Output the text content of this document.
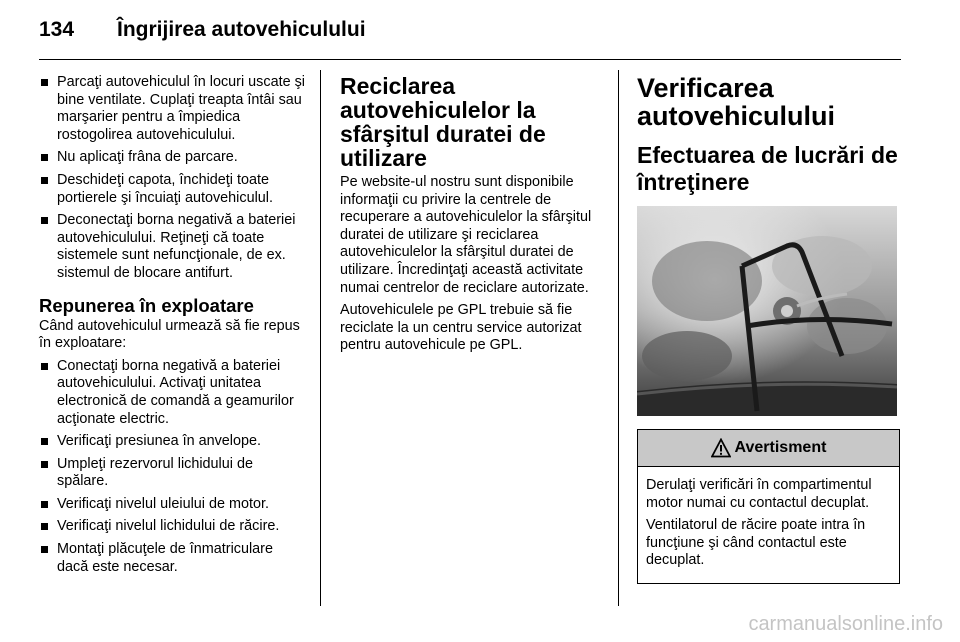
134 Îngrijirea autovehiculului
Parcaţi autovehiculul în locuri uscate şi bine ventilate. Cuplaţi treapta întâi sau marşarier pentru a împiedica rostogolirea autovehiculului.
Nu aplicaţi frâna de parcare.
Deschideţi capota, închideţi toate portierele şi încuiaţi autovehiculul.
Deconectaţi borna negativă a bateriei autovehiculului. Reţineţi că toate sistemele sunt nefuncţionale, de ex. sistemul de blocare antifurt.
Repunerea în exploatare

Când autovehiculul urmează să fie repus în exploatare:

Conectaţi borna negativă a bateriei autovehiculului. Activaţi unitatea electronică de comandă a geamurilor acţionate electric.
Verificaţi presiunea în anvelope.
Umpleţi rezervorul lichidului de spălare.
Verificaţi nivelul uleiului de motor.
Verificaţi nivelul lichidului de răcire.
Montaţi plăcuţele de înmatriculare dacă este necesar.
Reciclarea autovehiculelor la sfârşitul duratei de utilizare

Pe website-ul nostru sunt disponibile informaţii cu privire la centrele de recuperare a autovehiculelor la sfârşitul duratei de utilizare şi reciclarea autovehiculelor la sfârşitul duratei de utilizare. Încredinţaţi această activitate numai centrelor de reciclare autorizate.

Autovehiculele pe GPL trebuie să fie reciclate la un centru service autorizat pentru autovehicule pe GPL.

Verificarea autovehiculului
Efectuarea de lucrări de întreţinere
Avertisment

Derulaţi verificări în compartimentul motor numai cu contactul decuplat.

Ventilatorul de răcire poate intra în funcţiune şi când contactul este decuplat.

carmanualsonline.info
